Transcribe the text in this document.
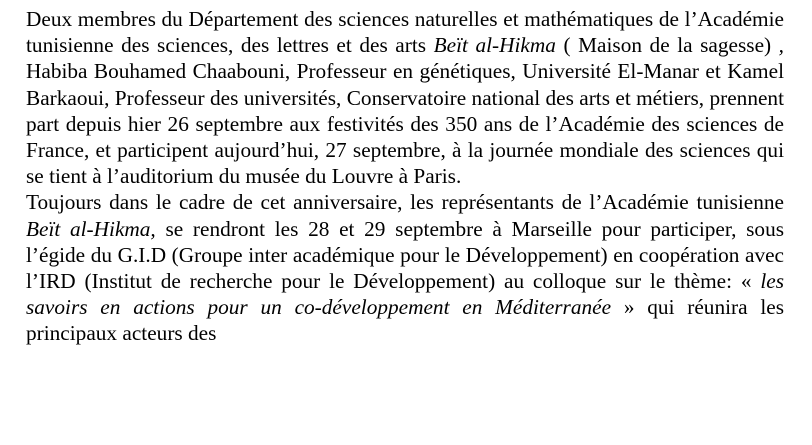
Deux membres du Département des sciences naturelles et mathématiques de l’Académie tunisienne des sciences, des lettres et des arts Beït al-Hikma ( Maison de la sagesse) , Habiba Bouhamed Chaabouni, Professeur en génétiques, Université El-Manar et Kamel Barkaoui, Professeur des universités, Conservatoire national des arts et métiers, prennent part depuis hier 26 septembre aux festivités des 350 ans de l’Académie des sciences de France, et participent aujourd’hui, 27 septembre, à la journée mondiale des sciences qui se tient à l’auditorium du musée du Louvre à Paris.

Toujours dans le cadre de cet anniversaire, les représentants de l’Académie tunisienne Beït al-Hikma, se rendront les 28 et 29 septembre à Marseille pour participer, sous l’égide du G.I.D (Groupe inter académique pour le Développement) en coopération avec l’IRD (Institut de recherche pour le Développement) au colloque sur le thème: « les savoirs en actions pour un co-développement en Méditerranée » qui réunira les principaux acteurs des
